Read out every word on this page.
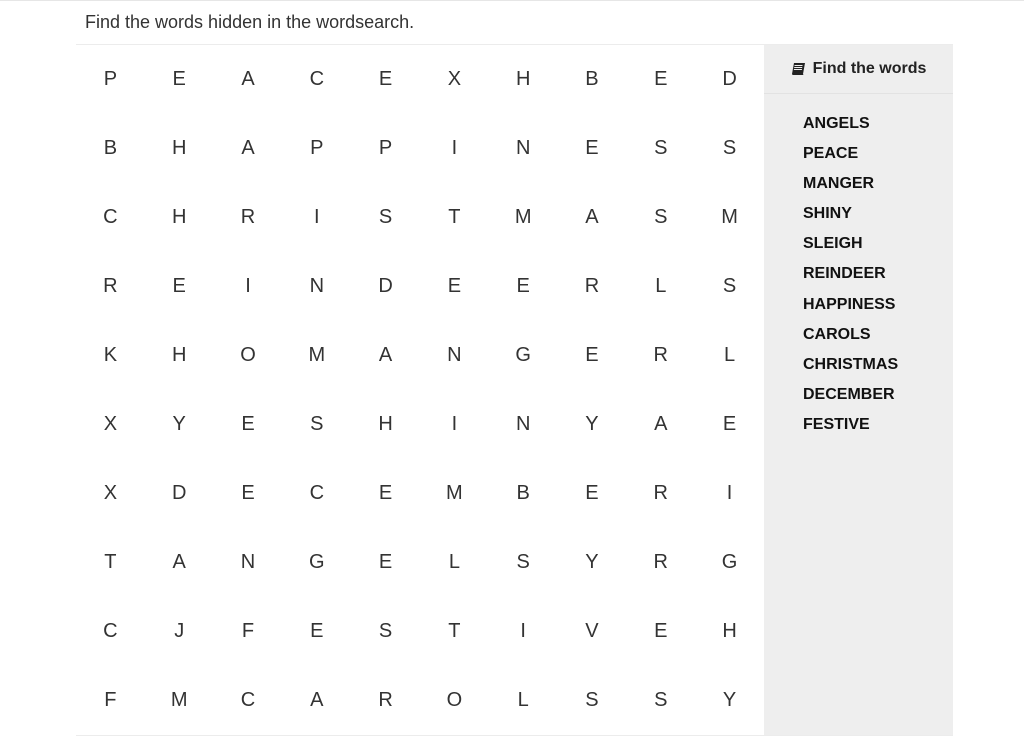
Find the words hidden in the wordsearch.
P	E	A	C	E	X	H	B	E	D
B	H	A	P	P	I	N	E	S	S
C	H	R	I	S	T	M	A	S	M
R	E	I	N	D	E	E	R	L	S
K	H	O	M	A	N	G	E	R	L
X	Y	E	S	H	I	N	Y	A	E
X	D	E	C	E	M	B	E	R	I
T	A	N	G	E	L	S	Y	R	G
C	J	F	E	S	T	I	V	E	H
F	M	C	A	R	O	L	S	S	Y
Find the words
ANGELS
PEACE
MANGER
SHINY
SLEIGH
REINDEER
HAPPINESS
CAROLS
CHRISTMAS
DECEMBER
FESTIVE
